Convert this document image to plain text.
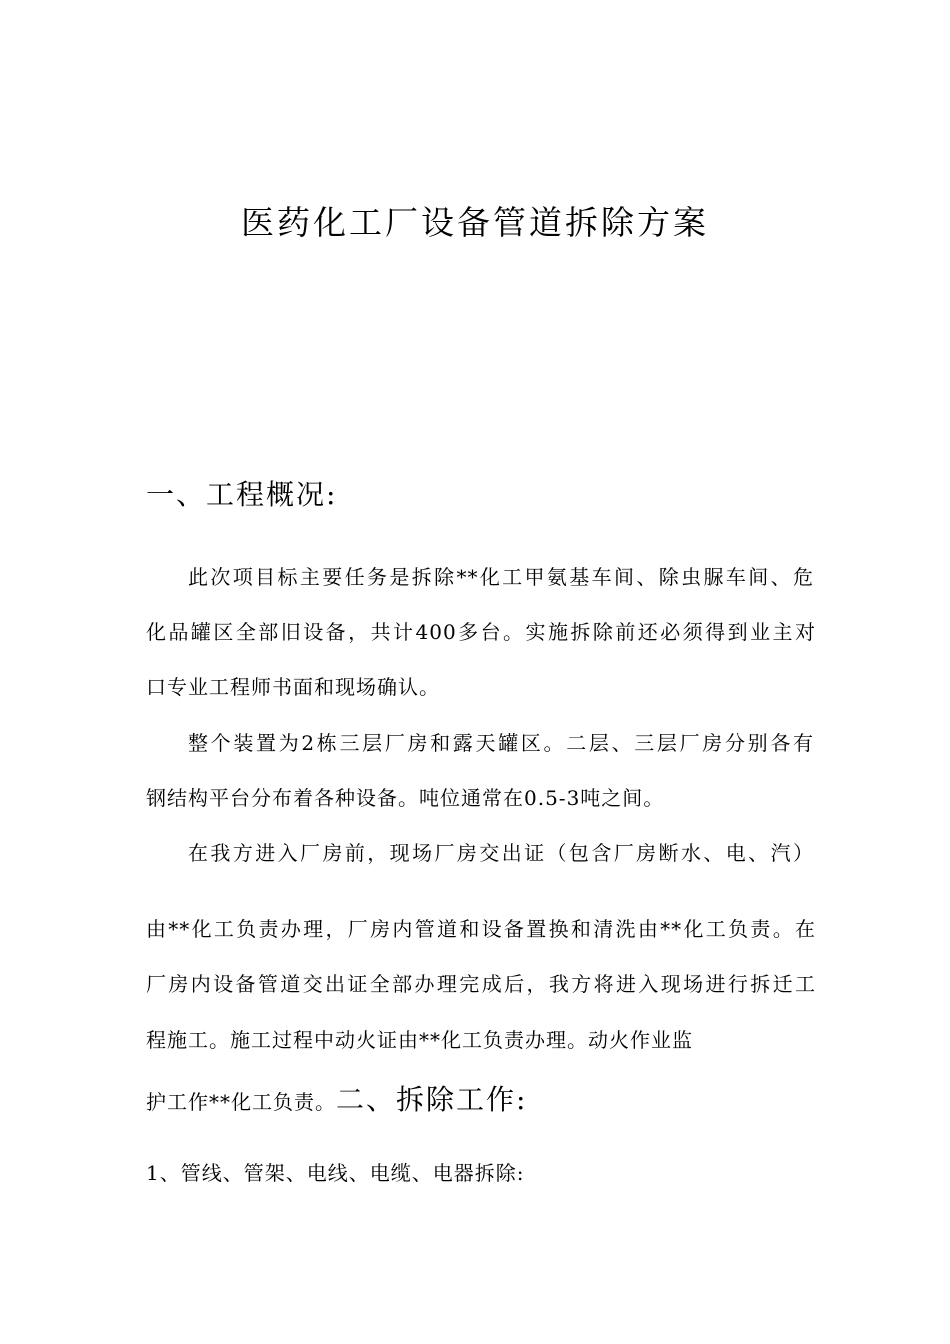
医药化工厂设备管道拆除方案
一、工程概况:
此次项目标主要任务是拆除**化工甲氨基车间、除虫脲车间、危
化品罐区全部旧设备，共计400多台。实施拆除前还必须得到业主对
口专业工程师书面和现场确认。
整个装置为2栋三层厂房和露天罐区。二层、三层厂房分别各有
钢结构平台分布着各种设备。吨位通常在0.5-3吨之间。
在我方进入厂房前，现场厂房交出证（包含厂房断水、电、汽）
由**化工负责办理，厂房内管道和设备置换和清洗由**化工负责。在
厂房内设备管道交出证全部办理完成后，我方将进入现场进行拆迁工
程施工。施工过程中动火证由**化工负责办理。动火作业监
护工作**化工负责。二、拆除工作:
1、管线、管架、电线、电缆、电器拆除:
